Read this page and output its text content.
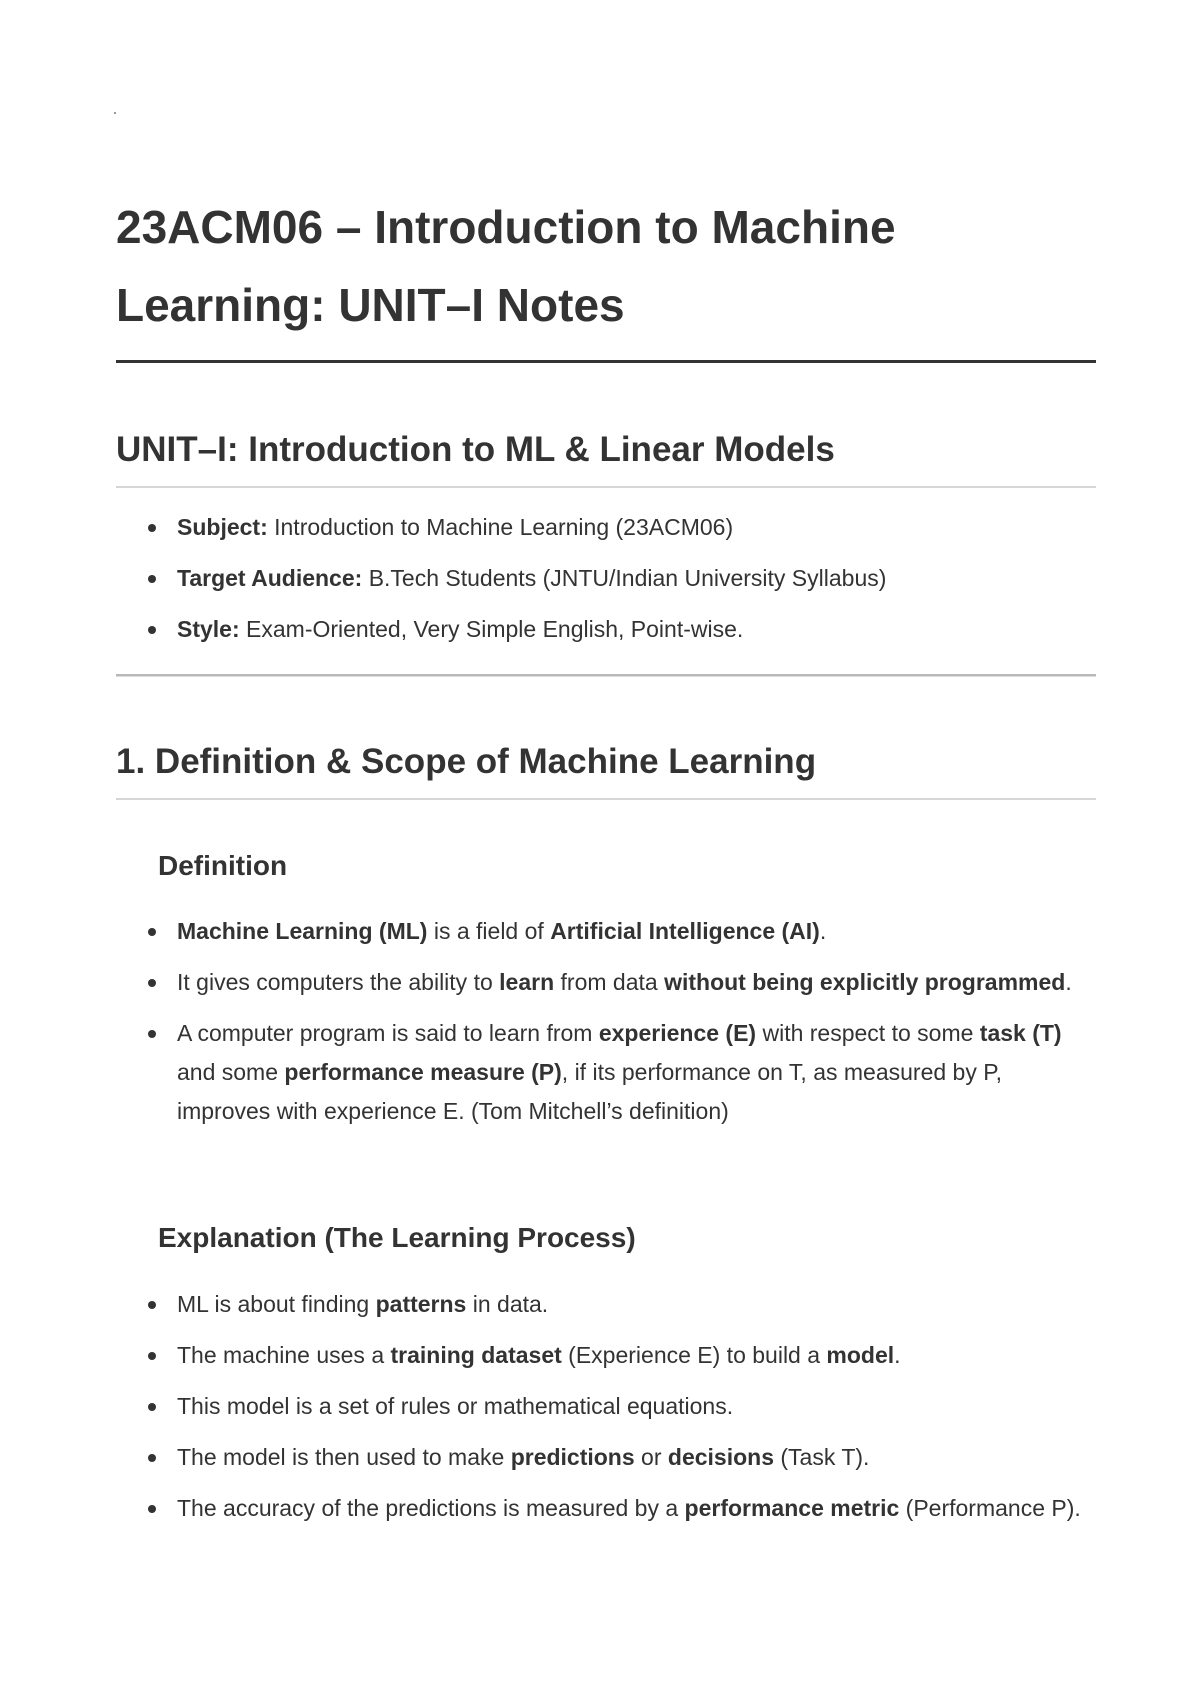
23ACM06 – Introduction to Machine Learning: UNIT–I Notes
UNIT–I: Introduction to ML & Linear Models
Subject: Introduction to Machine Learning (23ACM06)
Target Audience: B.Tech Students (JNTU/Indian University Syllabus)
Style: Exam-Oriented, Very Simple English, Point-wise.
1. Definition & Scope of Machine Learning
Definition
Machine Learning (ML) is a field of Artificial Intelligence (AI).
It gives computers the ability to learn from data without being explicitly programmed.
A computer program is said to learn from experience (E) with respect to some task (T) and some performance measure (P), if its performance on T, as measured by P, improves with experience E. (Tom Mitchell’s definition)
Explanation (The Learning Process)
ML is about finding patterns in data.
The machine uses a training dataset (Experience E) to build a model.
This model is a set of rules or mathematical equations.
The model is then used to make predictions or decisions (Task T).
The accuracy of the predictions is measured by a performance metric (Performance P).
